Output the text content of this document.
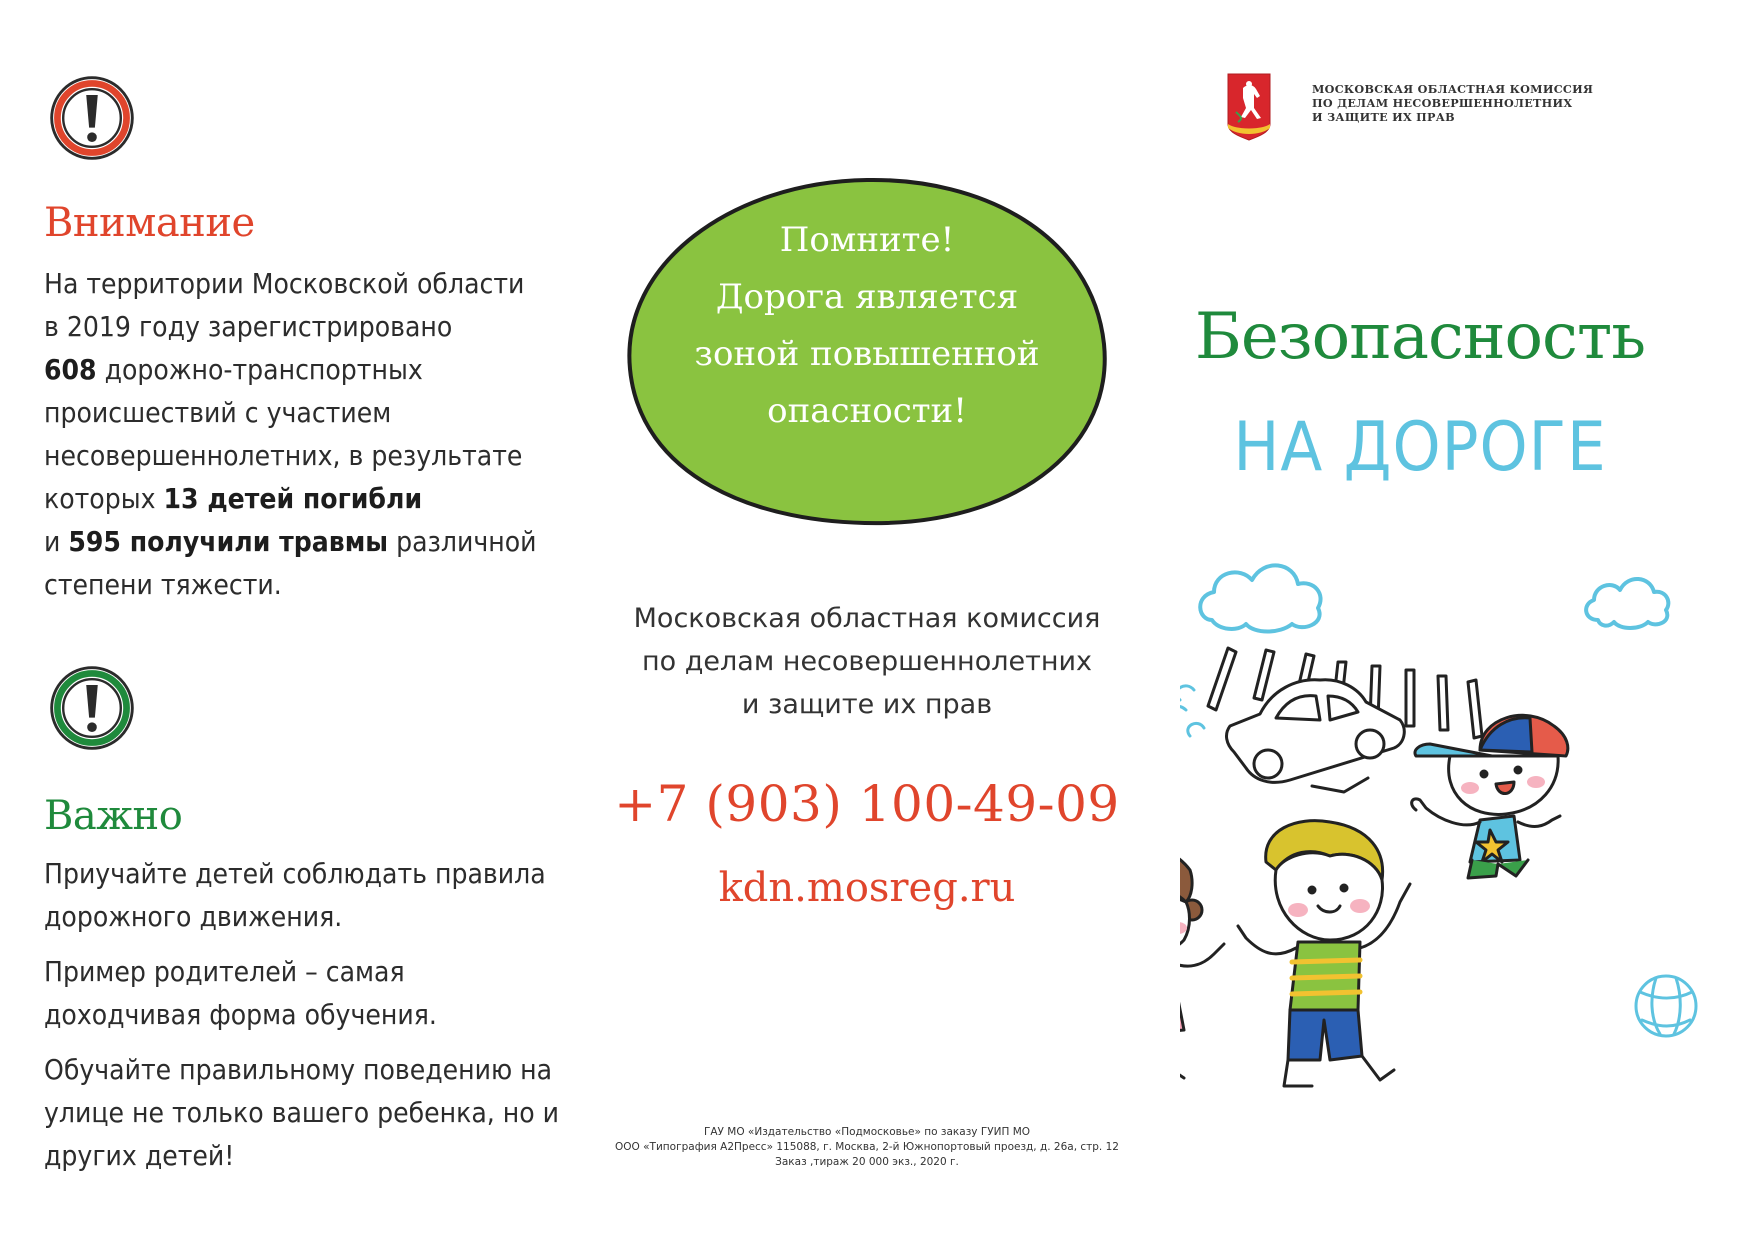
Внимание
На территории Московской области
в 2019 году зарегистрировано
608 дорожно-транспортных
происшествий с участием
несовершеннолетних, в результате
которых 13 детей погибли
и 595 получили травмы различной
степени тяжести.
Важно

Приучайте детей соблюдать правила дорожного движения.

Пример родителей – самая доходчивая форма обучения.

Обучайте правильному поведению на улице не только вашего ребенка, но и других детей!

Помните!
Дорога является
зоной повышенной
опасности!
Московская областная комиссия
по делам несовершеннолетних
и защите их прав
+7 (903) 100-49-09
kdn.mosreg.ru
ГАУ МО «Издательство «Подмосковье» по заказу ГУИП МО
ООО «Типография А2Пресс» 115088, г. Москва, 2-й Южнопортовый проезд, д. 26а, стр. 12
Заказ ,тираж 20 000 экз., 2020 г.
МОСКОВСКАЯ ОБЛАСТНАЯ КОМИССИЯ
ПО ДЕЛАМ НЕСОВЕРШЕННОЛЕТНИХ
И ЗАЩИТЕ ИХ ПРАВ
Безопасность
НА ДОРОГЕ
